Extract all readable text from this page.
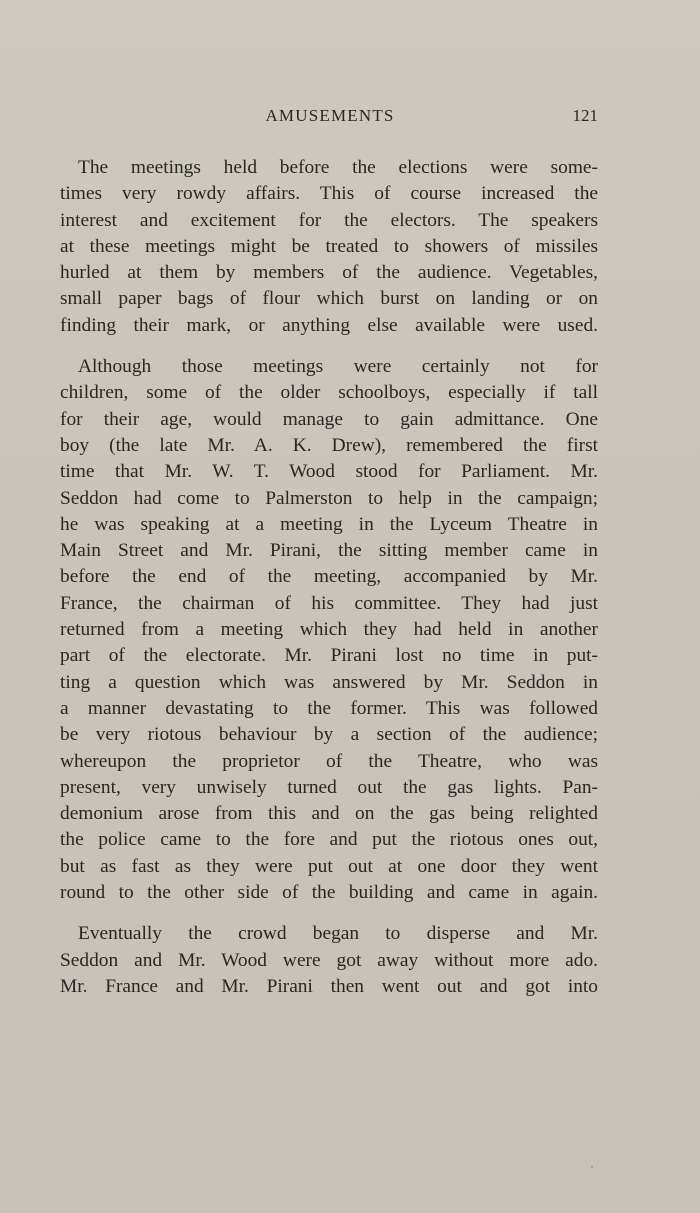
AMUSEMENTS	121
The meetings held before the elections were some-
times very rowdy affairs. This of course increased the
interest and excitement for the electors. The speakers
at these meetings might be treated to showers of missiles
hurled at them by members of the audience. Vegetables,
small paper bags of flour which burst on landing or on
finding their mark, or anything else available were used.
Although those meetings were certainly not for
children, some of the older schoolboys, especially if tall
for their age, would manage to gain admittance. One
boy (the late Mr. A. K. Drew), remembered the first
time that Mr. W. T. Wood stood for Parliament. Mr.
Seddon had come to Palmerston to help in the campaign;
he was speaking at a meeting in the Lyceum Theatre in
Main Street and Mr. Pirani, the sitting member came in
before the end of the meeting, accompanied by Mr.
France, the chairman of his committee. They had just
returned from a meeting which they had held in another
part of the electorate. Mr. Pirani lost no time in put-
ting a question which was answered by Mr. Seddon in
a manner devastating to the former. This was followed
be very riotous behaviour by a section of the audience;
whereupon the proprietor of the Theatre, who was
present, very unwisely turned out the gas lights. Pan-
demonium arose from this and on the gas being relighted
the police came to the fore and put the riotous ones out,
but as fast as they were put out at one door they went
round to the other side of the building and came in again.
Eventually the crowd began to disperse and Mr.
Seddon and Mr. Wood were got away without more ado.
Mr. France and Mr. Pirani then went out and got into
